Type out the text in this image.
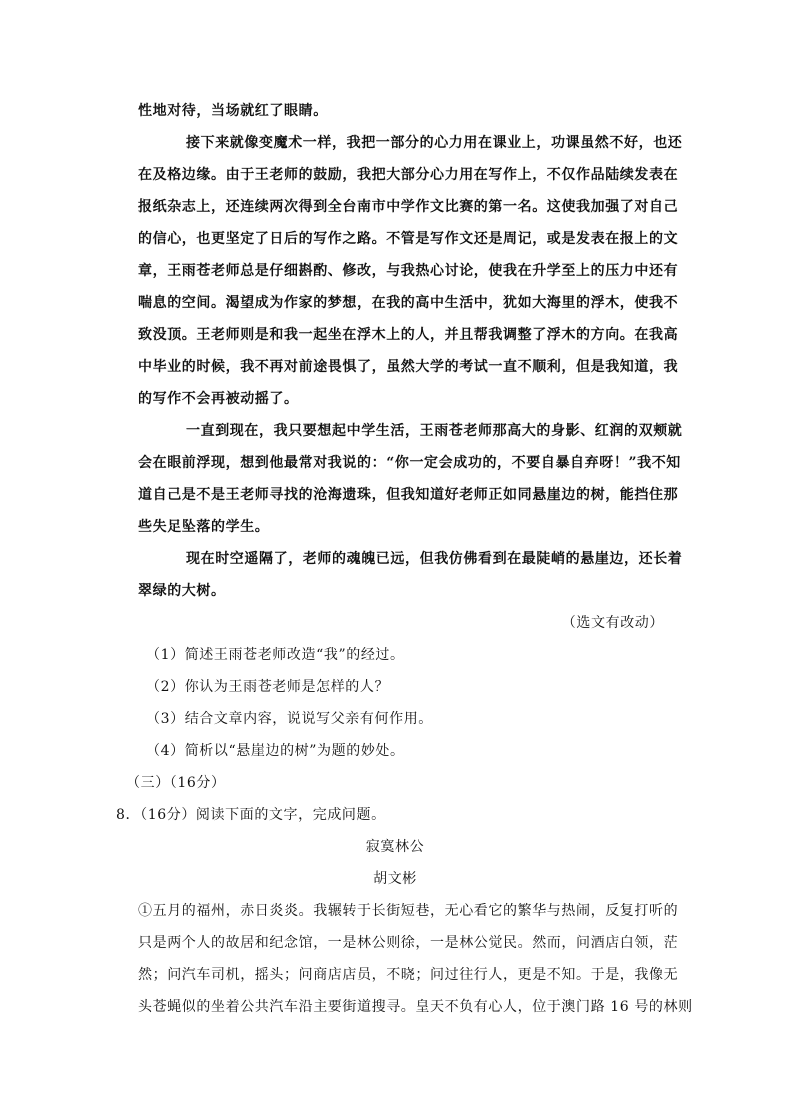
性地对待，当场就红了眼睛。
接下来就像变魔术一样，我把一部分的心力用在课业上，功课虽然不好，也还
在及格边缘。由于王老师的鼓励，我把大部分心力用在写作上，不仅作品陆续发表在
报纸杂志上，还连续两次得到全台南市中学作文比赛的第一名。这使我加强了对自己
的信心，也更坚定了日后的写作之路。不管是写作文还是周记，或是发表在报上的文
章，王雨苍老师总是仔细斟酌、修改，与我热心讨论，使我在升学至上的压力中还有
喘息的空间。渴望成为作家的梦想，在我的高中生活中，犹如大海里的浮木，使我不
致没顶。王老师则是和我一起坐在浮木上的人，并且帮我调整了浮木的方向。在我高
中毕业的时候，我不再对前途畏惧了，虽然大学的考试一直不顺利，但是我知道，我
的写作不会再被动摇了。
一直到现在，我只要想起中学生活，王雨苍老师那高大的身影、红润的双颊就
会在眼前浮现，想到他最常对我说的：“你一定会成功的，不要自暴自弃呀！”我不知
道自己是不是王老师寻找的沧海遗珠，但我知道好老师正如同悬崖边的树，能挡住那
些失足坠落的学生。
现在时空遥隔了，老师的魂魄已远，但我仿佛看到在最陡峭的悬崖边，还长着
翠绿的大树。
（选文有改动）
（1）简述王雨苍老师改造“我”的经过。
（2）你认为王雨苍老师是怎样的人？
（3）结合文章内容，说说写父亲有何作用。
（4）简析以“悬崖边的树”为题的妙处。
（三）（16分）
8．（16分）阅读下面的文字，完成问题。
寂寞林公
胡文彬
①五月的福州，赤日炎炎。我辗转于长街短巷，无心看它的繁华与热闹，反复打听的
只是两个人的故居和纪念馆，一是林公则徐，一是林公觉民。然而，问酒店白领，茫
然；问汽车司机，摇头；问商店店员，不晓；问过往行人，更是不知。于是，我像无
头苍蝇似的坐着公共汽车沿主要街道搜寻。皇天不负有心人，位于澳门路 16 号的林则
